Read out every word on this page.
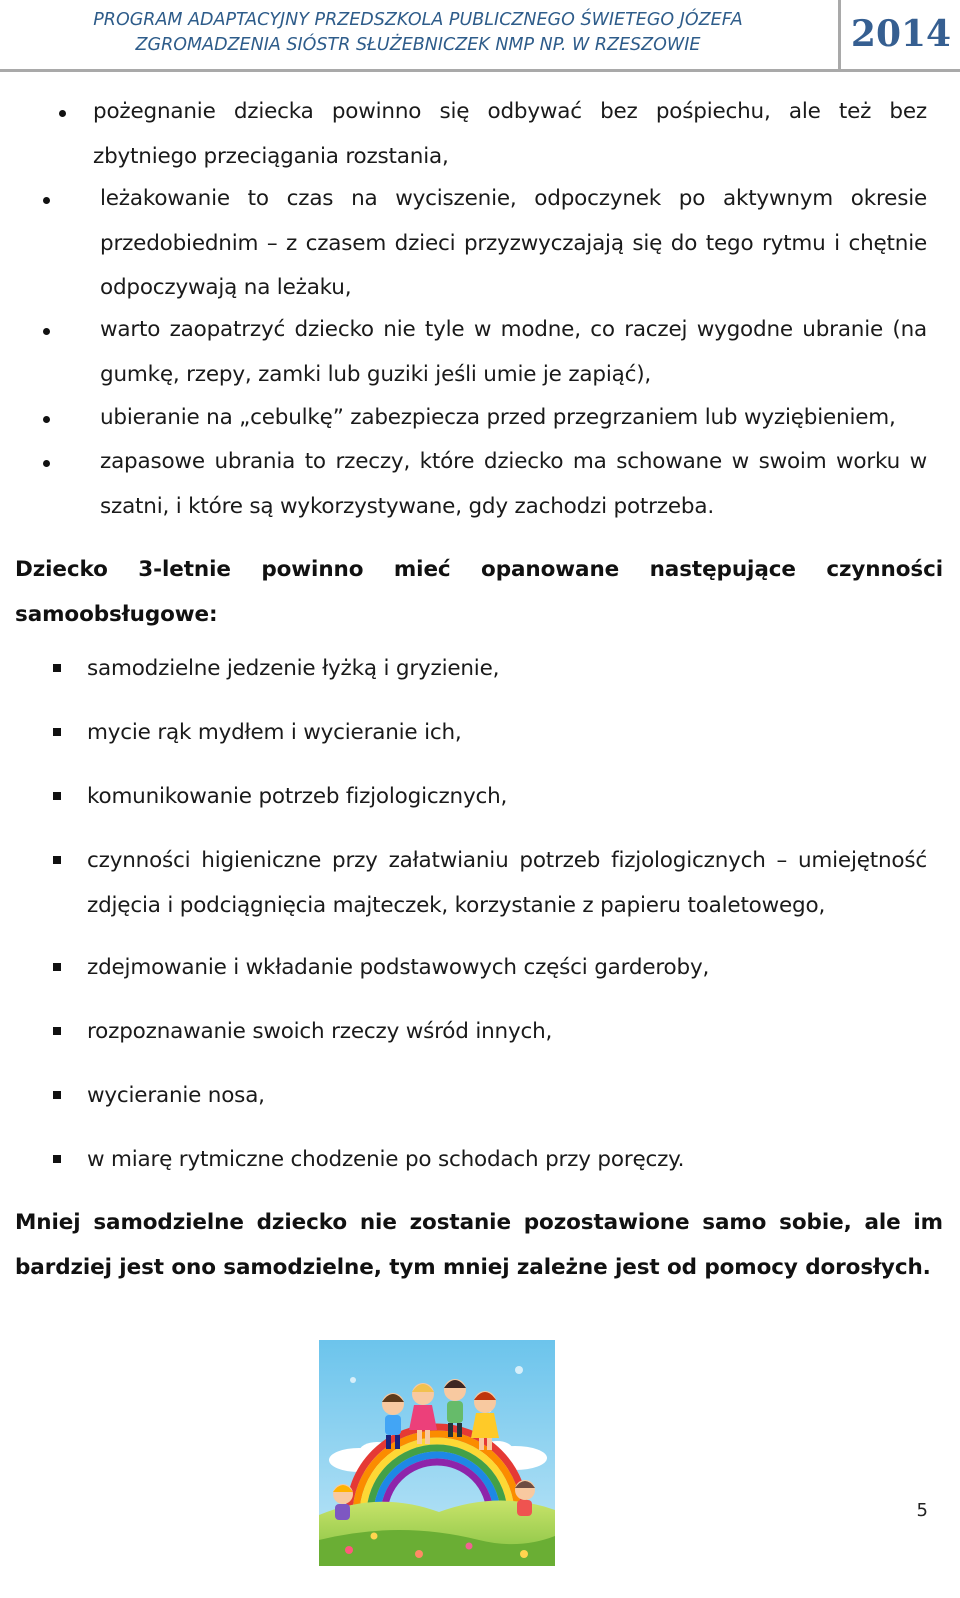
PROGRAM ADAPTACYJNY PRZEDSZKOLA PUBLICZNEGO ŚWIETEGO JÓZEFA
ZGROMADZENIA SIÓSTR SŁUŻEBNICZEK NMP NP. W RZESZOWIE	2014
pożegnanie dziecka powinno się odbywać bez pośpiechu, ale też bez zbytniego przeciągania rozstania,
leżakowanie to czas na wyciszenie, odpoczynek po aktywnym okresie przedobiednim – z czasem dzieci przyzwyczajają się do tego rytmu i chętnie odpoczywają na leżaku,
warto zaopatrzyć dziecko nie tyle w modne, co raczej wygodne ubranie (na gumkę, rzepy, zamki lub guziki jeśli umie je zapiąć),
ubieranie na „cebulkę” zabezpiecza przed przegrzaniem lub wyziębieniem,
zapasowe ubrania to rzeczy, które dziecko ma schowane w swoim worku w szatni, i które są wykorzystywane, gdy zachodzi potrzeba.
Dziecko 3-letnie powinno mieć opanowane następujące czynności samoobsługowe:
samodzielne jedzenie łyżką i gryzienie,
mycie rąk mydłem i wycieranie ich,
komunikowanie potrzeb fizjologicznych,
czynności higieniczne przy załatwianiu potrzeb fizjologicznych – umiejętność zdjęcia i podciągnięcia majteczek, korzystanie z papieru toaletowego,
zdejmowanie i wkładanie podstawowych części garderoby,
rozpoznawanie swoich rzeczy wśród innych,
wycieranie nosa,
w miarę rytmiczne chodzenie po schodach przy poręczy.
Mniej samodzielne dziecko nie zostanie pozostawione samo sobie, ale im bardziej jest ono samodzielne, tym mniej zależne jest od pomocy dorosłych.
5
